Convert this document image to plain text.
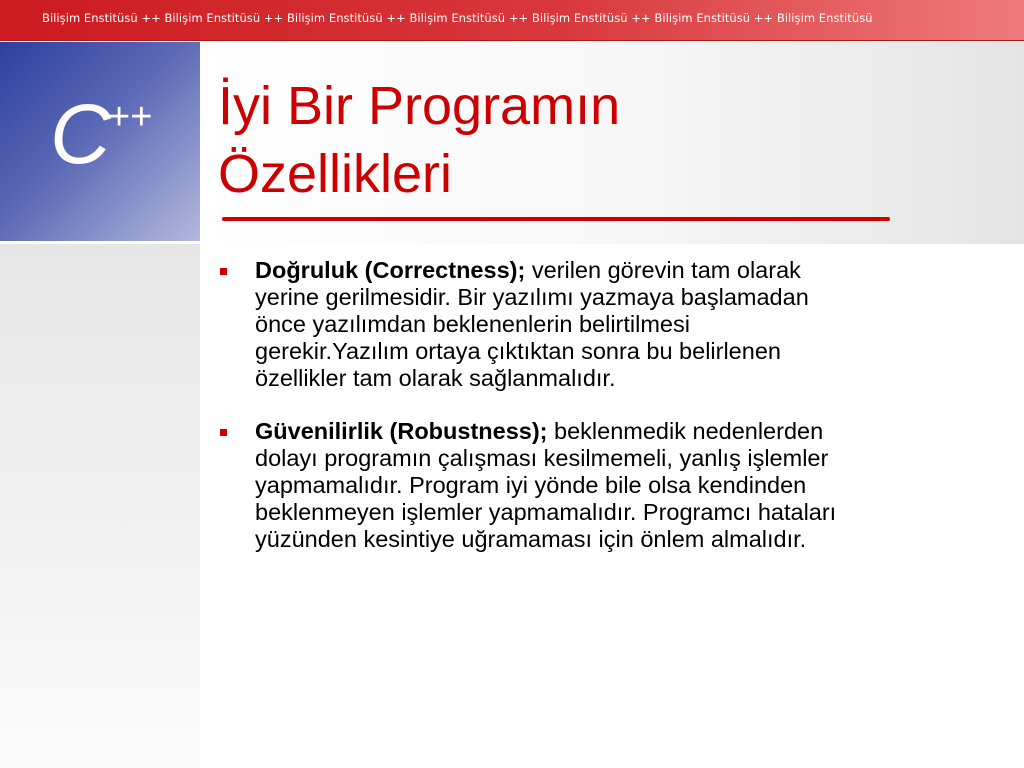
Bilişim Enstitüsü ++ Bilişim Enstitüsü ++ Bilişim Enstitüsü ++ Bilişim Enstitüsü ++ Bilişim Enstitüsü ++ Bilişim Enstitüsü ++ Bilişim Enstitüsü
C
++ İyi Bir Programın
Özellikleri
Doğruluk (Correctness); verilen görevin tam olarak
yerine gerilmesidir. Bir yazılımı yazmaya başlamadan
önce yazılımdan beklenenlerin belirtilmesi
gerekir.Yazılım ortaya çıktıktan sonra bu belirlenen
özellikler tam olarak sağlanmalıdır.
Güvenilirlik (Robustness); beklenmedik nedenlerden
dolayı programın çalışması kesilmemeli, yanlış işlemler
yapmamalıdır. Program iyi yönde bile olsa kendinden
beklenmeyen işlemler yapmamalıdır. Programcı hataları
yüzünden kesintiye uğramaması için önlem almalıdır.
